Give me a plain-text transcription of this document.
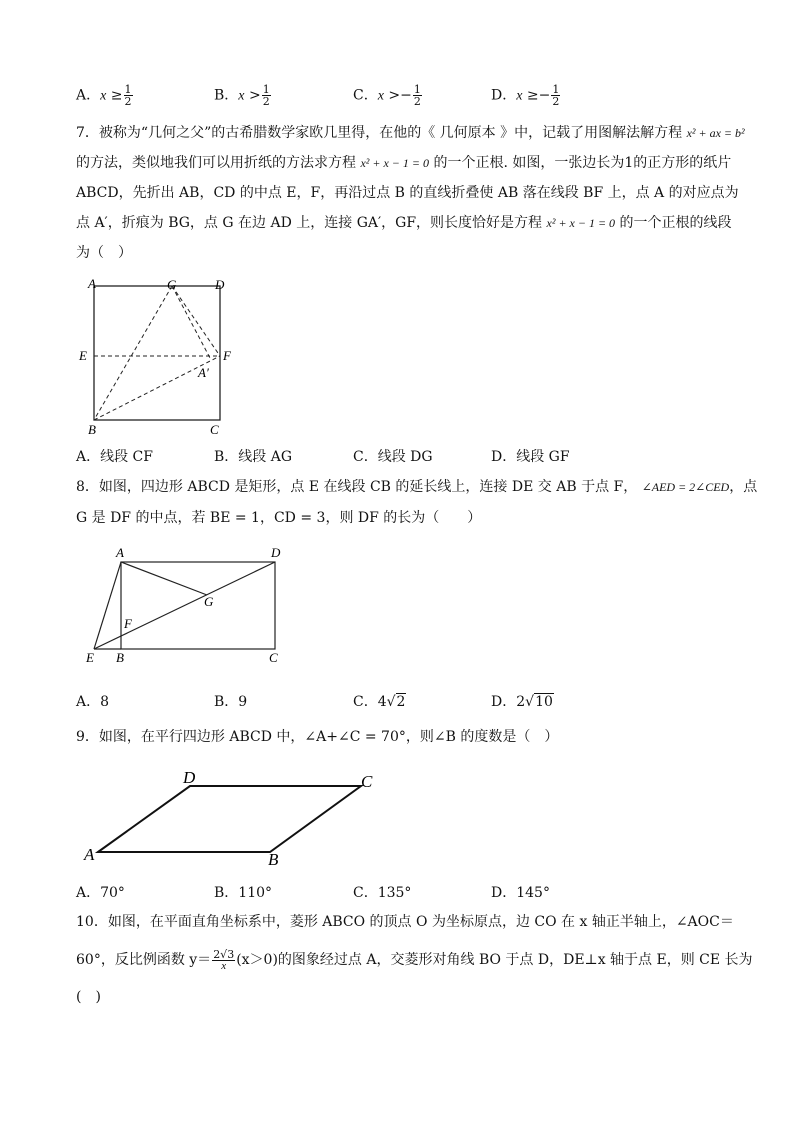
A．$x \ge \frac{1}{2}$	B．$x > \frac{1}{2}$	C．$x >- \frac{1}{2}$	D．$x \ge- \frac{1}{2}$
7．被称为“几何之父”的古希腊数学家欧几里得，在他的《 几何原本 》中，记载了用图解法解方程 x² + ax = b²
的方法，类似地我们可以用折纸的方法求方程 x² + x − 1 = 0 的一个正根. 如图，一张边长为1的正方形的纸片
ABCD，先折出 AB，CD 的中点 E，F，再沿过点 B 的直线折叠使 AB 落在线段 BF 上，点 A 的对应点为
点 A′，折痕为 BG，点 G 在边 AD 上，连接 GA′，GF，则长度恰好是方程 x² + x − 1 = 0 的一个正根的线段
为（　）
A	G	D
E	F
A′
B	C
A．线段 CF	B．线段 AG	C．线段 DG	D．线段 GF
8．如图，四边形 ABCD 是矩形，点 E 在线段 CB 的延长线上，连接 DE 交 AB 于点 F， ∠AED = 2∠CED，点
G 是 DF 的中点，若 BE = 1，CD = 3，则 DF 的长为（　　）
A	D
G
F
E B	C
A．8	B．9	C．4√2	D．2√10
9．如图，在平行四边形 ABCD 中，∠A+∠C = 70°，则∠B 的度数是（　）
D	C
A	B
A．70°	B．110°	C．135°	D．145°
10．如图，在平面直角坐标系中，菱形 ABCO 的顶点 O 为坐标原点，边 CO 在 x 轴正半轴上，∠AOC＝
60°，反比例函数 $y= \frac{2√3}{x} (x>0)$的图象经过点 A，交菱形对角线 BO 于点 D，DE⊥x 轴于点 E，则 CE 长为
(　)
